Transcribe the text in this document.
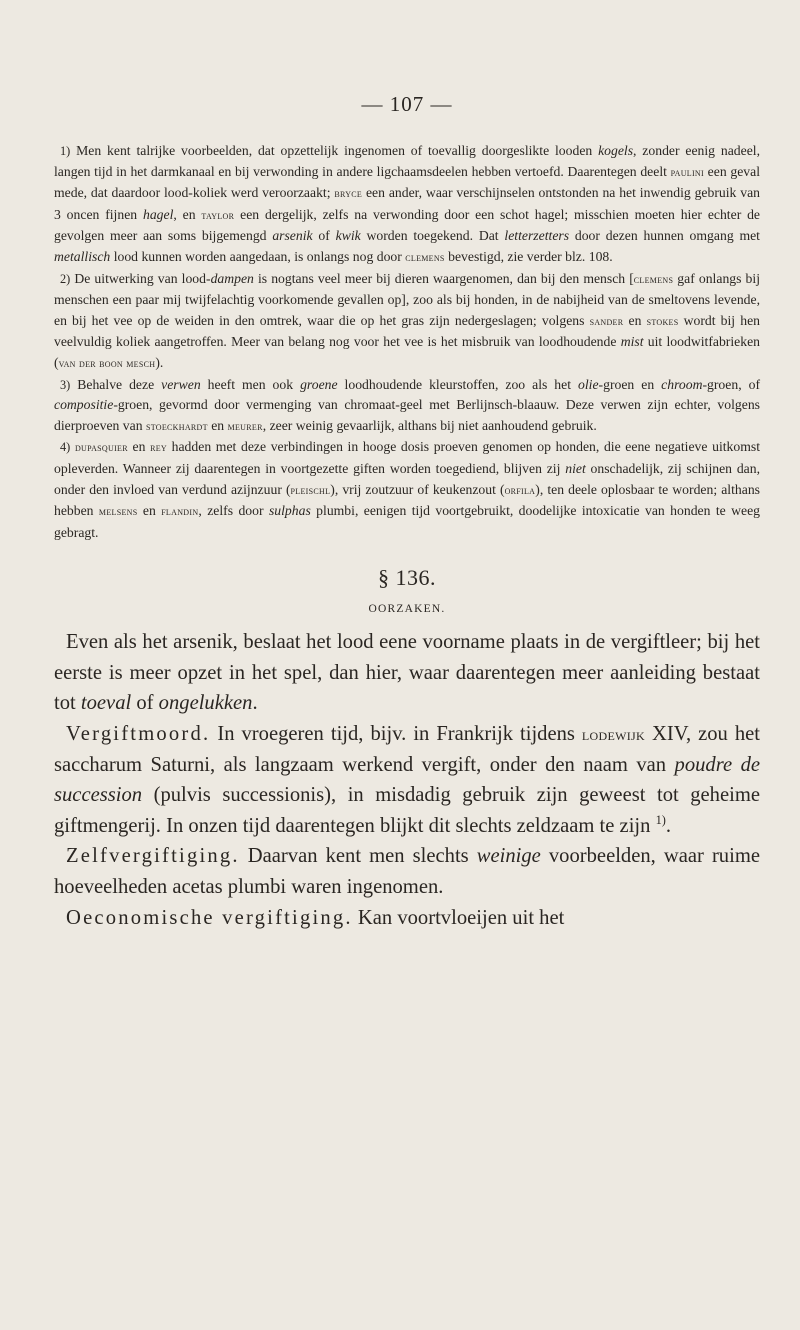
— 107 —

1) Men kent talrijke voorbeelden, dat opzettelijk ingenomen of toevallig doorgeslikte looden kogels, zonder eenig nadeel, langen tijd in het darmkanaal en bij verwonding in andere ligchaamsdeelen hebben vertoefd. Daarentegen deelt paulini een geval mede, dat daardoor lood-koliek werd veroorzaakt; bryce een ander, waar verschijnselen ontstonden na het inwendig gebruik van 3 oncen fijnen hagel, en taylor een dergelijk, zelfs na verwonding door een schot hagel; misschien moeten hier echter de gevolgen meer aan soms bijgemengd arsenik of kwik worden toegekend. Dat letterzetters door dezen hunnen omgang met metallisch lood kunnen worden aangedaan, is onlangs nog door clemens bevestigd, zie verder blz. 108.

2) De uitwerking van lood-dampen is nogtans veel meer bij dieren waargenomen, dan bij den mensch [clemens gaf onlangs bij menschen een paar mij twijfelachtig voorkomende gevallen op], zoo als bij honden, in de nabijheid van de smeltovens levende, en bij het vee op de weiden in den omtrek, waar die op het gras zijn nedergeslagen; volgens sander en stokes wordt bij hen veelvuldig koliek aangetroffen. Meer van belang nog voor het vee is het misbruik van loodhoudende mist uit loodwitfabrieken (van der boon mesch).

3) Behalve deze verwen heeft men ook groene loodhoudende kleurstoffen, zoo als het olie-groen en chroom-groen, of compositie-groen, gevormd door vermenging van chromaat-geel met Berlijnsch-blaauw. Deze verwen zijn echter, volgens dierproeven van stoeckhardt en meurer, zeer weinig gevaarlijk, althans bij niet aanhoudend gebruik.

4) dupasquier en rey hadden met deze verbindingen in hooge dosis proeven genomen op honden, die eene negatieve uitkomst opleverden. Wanneer zij daarentegen in voortgezette giften worden toegediend, blijven zij niet onschadelijk, zij schijnen dan, onder den invloed van verdund azijnzuur (pleischl), vrij zoutzuur of keukenzout (orfila), ten deele oplosbaar te worden; althans hebben melsens en flandin, zelfs door sulphas plumbi, eenigen tijd voortgebruikt, doodelijke intoxicatie van honden te weeg gebragt.

§ 136.
OORZAKEN.

Even als het arsenik, beslaat het lood eene voorname plaats in de vergiftleer; bij het eerste is meer opzet in het spel, dan hier, waar daarentegen meer aanleiding bestaat tot toeval of ongelukken.

Vergiftmoord. In vroegeren tijd, bijv. in Frankrijk tijdens lodewijk XIV, zou het saccharum Saturni, als langzaam werkend vergift, onder den naam van poudre de succession (pulvis successionis), in misdadig gebruik zijn geweest tot geheime giftmengerij. In onzen tijd daarentegen blijkt dit slechts zeldzaam te zijn $^{1)}$.

Zelfvergiftiging. Daarvan kent men slechts weinige voorbeelden, waar ruime hoeveelheden acetas plumbi waren ingenomen.

Oeconomische vergiftiging. Kan voortvloeijen uit het
